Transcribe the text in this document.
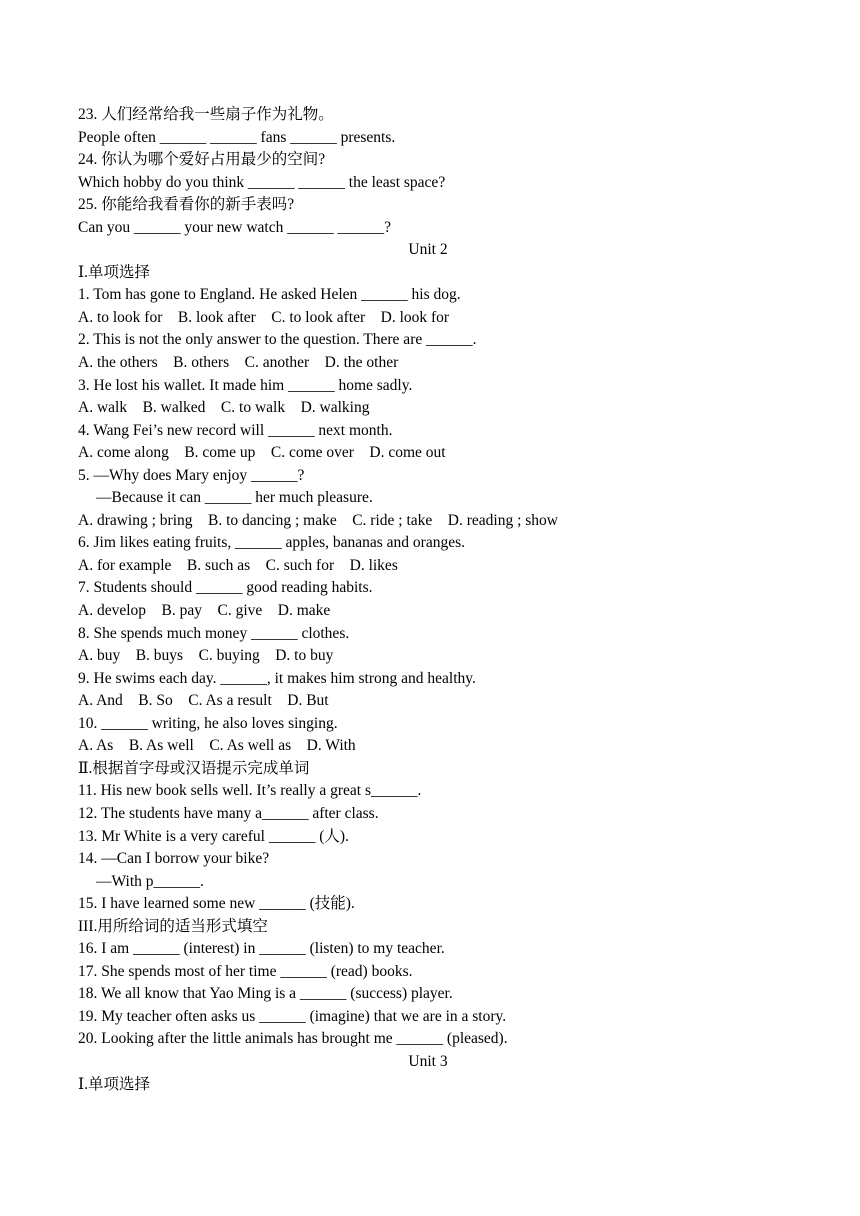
23. 人们经常给我一些扇子作为礼物。
People often ______ ______ fans ______ presents.
24. 你认为哪个爱好占用最少的空间?
Which hobby do you think ______ ______ the least space?
25. 你能给我看看你的新手表吗?
Can you ______ your new watch ______ ______?
Unit 2
Ⅰ.单项选择
1. Tom has gone to England. He asked Helen ______ his dog.
A. to look for    B. look after    C. to look after    D. look for
2. This is not the only answer to the question. There are ______.
A. the others    B. others    C. another    D. the other
3. He lost his wallet. It made him ______ home sadly.
A. walk    B. walked    C. to walk    D. walking
4. Wang Fei’s new record will ______ next month.
A. come along    B. come up    C. come over    D. come out
5. —Why does Mary enjoy ______?
—Because it can ______ her much pleasure.
A. drawing ; bring    B. to dancing ; make    C. ride ; take    D. reading ; show
6. Jim likes eating fruits, ______ apples, bananas and oranges.
A. for example    B. such as    C. such for    D. likes
7. Students should ______ good reading habits.
A. develop    B. pay    C. give    D. make
8. She spends much money ______ clothes.
A. buy    B. buys    C. buying    D. to buy
9. He swims each day. ______, it makes him strong and healthy.
A. And    B. So    C. As a result    D. But
10. ______ writing, he also loves singing.
A. As    B. As well    C. As well as    D. With
Ⅱ.根据首字母或汉语提示完成单词
11. His new book sells well. It’s really a great s______.
12. The students have many a______ after class.
13. Mr White is a very careful ______ (人).
14. —Can I borrow your bike?
—With p______.
15. I have learned some new ______ (技能).
III.用所给词的适当形式填空
16. I am ______ (interest) in ______ (listen) to my teacher.
17. She spends most of her time ______ (read) books.
18. We all know that Yao Ming is a ______ (success) player.
19. My teacher often asks us ______ (imagine) that we are in a story.
20. Looking after the little animals has brought me ______ (pleased).
Unit 3
Ⅰ.单项选择
